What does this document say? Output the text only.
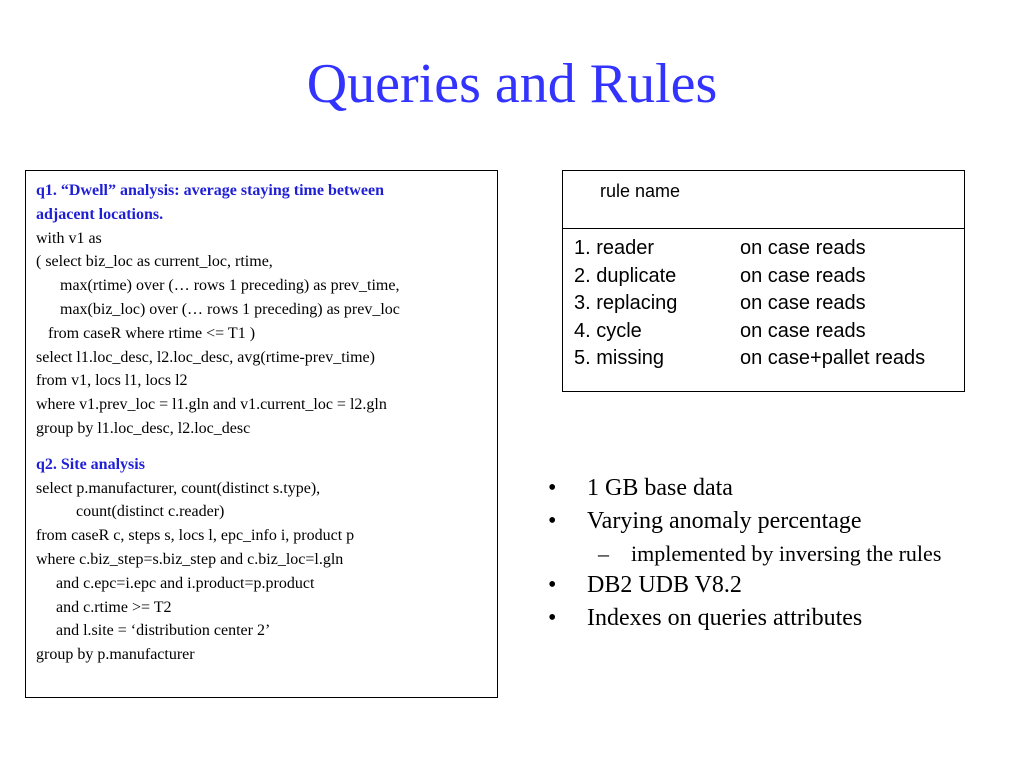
Queries and Rules
q1. “Dwell” analysis: average staying time between
adjacent locations.
with v1 as
( select biz_loc as current_loc, rtime,
max(rtime) over (… rows 1 preceding) as prev_time,
max(biz_loc) over (… rows 1 preceding) as prev_loc
from caseR where rtime <= T1 )
select l1.loc_desc, l2.loc_desc, avg(rtime-prev_time)
from v1, locs l1, locs l2
where v1.prev_loc = l1.gln and v1.current_loc = l2.gln
group by l1.loc_desc, l2.loc_desc
q2. Site analysis
select p.manufacturer, count(distinct s.type),
count(distinct c.reader)
from caseR c, steps s, locs l, epc_info i, product p
where c.biz_step=s.biz_step and c.biz_loc=l.gln
and c.epc=i.epc and i.product=p.product
and c.rtime >= T2
and l.site = ‘distribution center 2’
group by p.manufacturer
rule name
1. reader	on case reads
2. duplicate	on case reads
3. replacing	on case reads
4. cycle	on case reads
5. missing	on case+pallet reads
•	1 GB base data
•	Varying anomaly percentage
–	implemented by inversing the rules
•	DB2 UDB V8.2
•	Indexes on queries attributes
